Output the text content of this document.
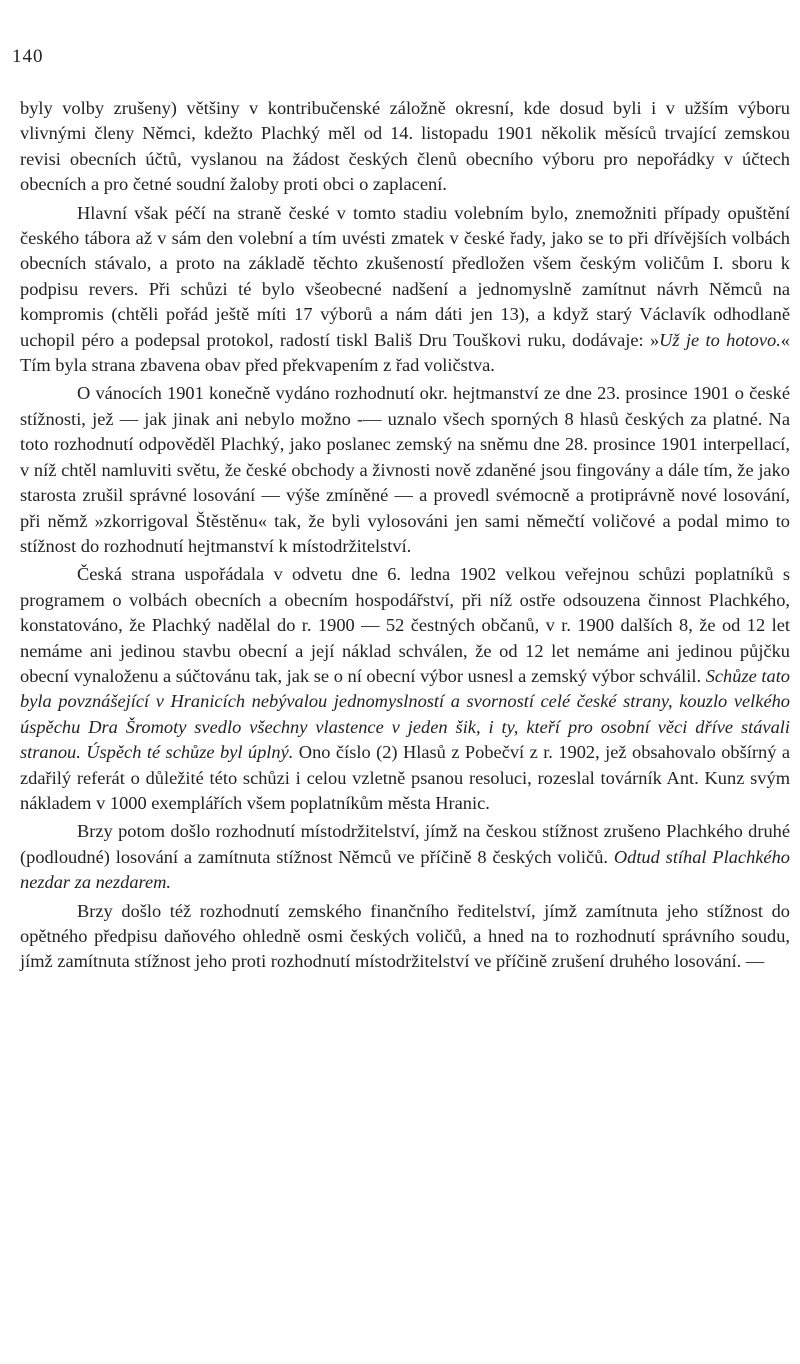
140
byly volby zrušeny) většiny v kontribučenské záložně okresní, kde dosud byli i v užším výboru vlivnými členy Němci, kdežto Plachký měl od 14. listopadu 1901 několik měsíců trvající zemskou revisi obecních účtů, vyslanou na žádost českých členů obecního výboru pro nepořádky v účtech obecních a pro četné soudní žaloby proti obci o zaplacení.
Hlavní však péčí na straně české v tomto stadiu volebním bylo, znemožniti případy opuštění českého tábora až v sám den volební a tím uvésti zmatek v české řady, jako se to při dřívějších volbách obecních stávalo, a proto na základě těchto zkušeností předložen všem českým voličům I. sboru k podpisu revers. Při schůzi té bylo všeobecné nadšení a jednomyslně zamítnut návrh Němců na kompromis (chtěli pořád ještě míti 17 výborů a nám dáti jen 13), a když starý Václavík odhodlaně uchopil péro a podepsal protokol, radostí tiskl Bališ Dru Touškovi ruku, dodávaje: »Už je to hotovo.« Tím byla strana zbavena obav před překvapením z řad voličstva.
O vánocích 1901 konečně vydáno rozhodnutí okr. hejtmanství ze dne 23. prosince 1901 o české stížnosti, jež — jak jinak ani nebylo možno -— uznalo všech sporných 8 hlasů českých za platné. Na toto rozhodnutí odpověděl Plachký, jako poslanec zemský na sněmu dne 28. prosince 1901 interpellací, v níž chtěl namluviti světu, že české obchody a živnosti nově zdaněné jsou fingovány a dále tím, že jako starosta zrušil správné losování — výše zmíněné — a provedl svémocně a protiprávně nové losování, při němž »zkorrigoval Štěstěnu« tak, že byli vylosováni jen sami němečtí voličové a podal mimo to stížnost do rozhodnutí hejtmanství k místodržitelství.
Česká strana uspořádala v odvetu dne 6. ledna 1902 velkou veřejnou schůzi poplatníků s programem o volbách obecních a obecním hospodářství, při níž ostře odsouzena činnost Plachkého, konstatováno, že Plachký nadělal do r. 1900 — 52 čestných občanů, v r. 1900 dalších 8, že od 12 let nemáme ani jedinou stavbu obecní a její náklad schválen, že od 12 let nemáme ani jedinou půjčku obecní vynaloženu a súčtovánu tak, jak se o ní obecní výbor usnesl a zemský výbor schválil. Schůze tato byla povznášející v Hranicích nebývalou jednomyslností a svorností celé české strany, kouzlo velkého úspěchu Dra Šromoty svedlo všechny vlastence v jeden šik, i ty, kteří pro osobní věci dříve stávali stranou. Úspěch té schůze byl úplný. Ono číslo (2) Hlasů z Pobečví z r. 1902, jež obsahovalo obšírný a zdařilý referát o důležité této schůzi i celou vzletně psanou resoluci, rozeslal továrník Ant. Kunz svým nákladem v 1000 exemplářích všem poplatníkům města Hranic.
Brzy potom došlo rozhodnutí místodržitelství, jímž na českou stížnost zrušeno Plachkého druhé (podloudné) losování a zamítnuta stížnost Němců ve příčině 8 českých voličů. Odtud stíhal Plachkého nezdar za nezdarem.
Brzy došlo též rozhodnutí zemského finančního ředitelství, jímž zamítnuta jeho stížnost do opětného předpisu daňového ohledně osmi českých voličů, a hned na to rozhodnutí správního soudu, jímž zamítnuta stížnost jeho proti rozhodnutí místodržitelství ve příčině zrušení druhého losování. —
